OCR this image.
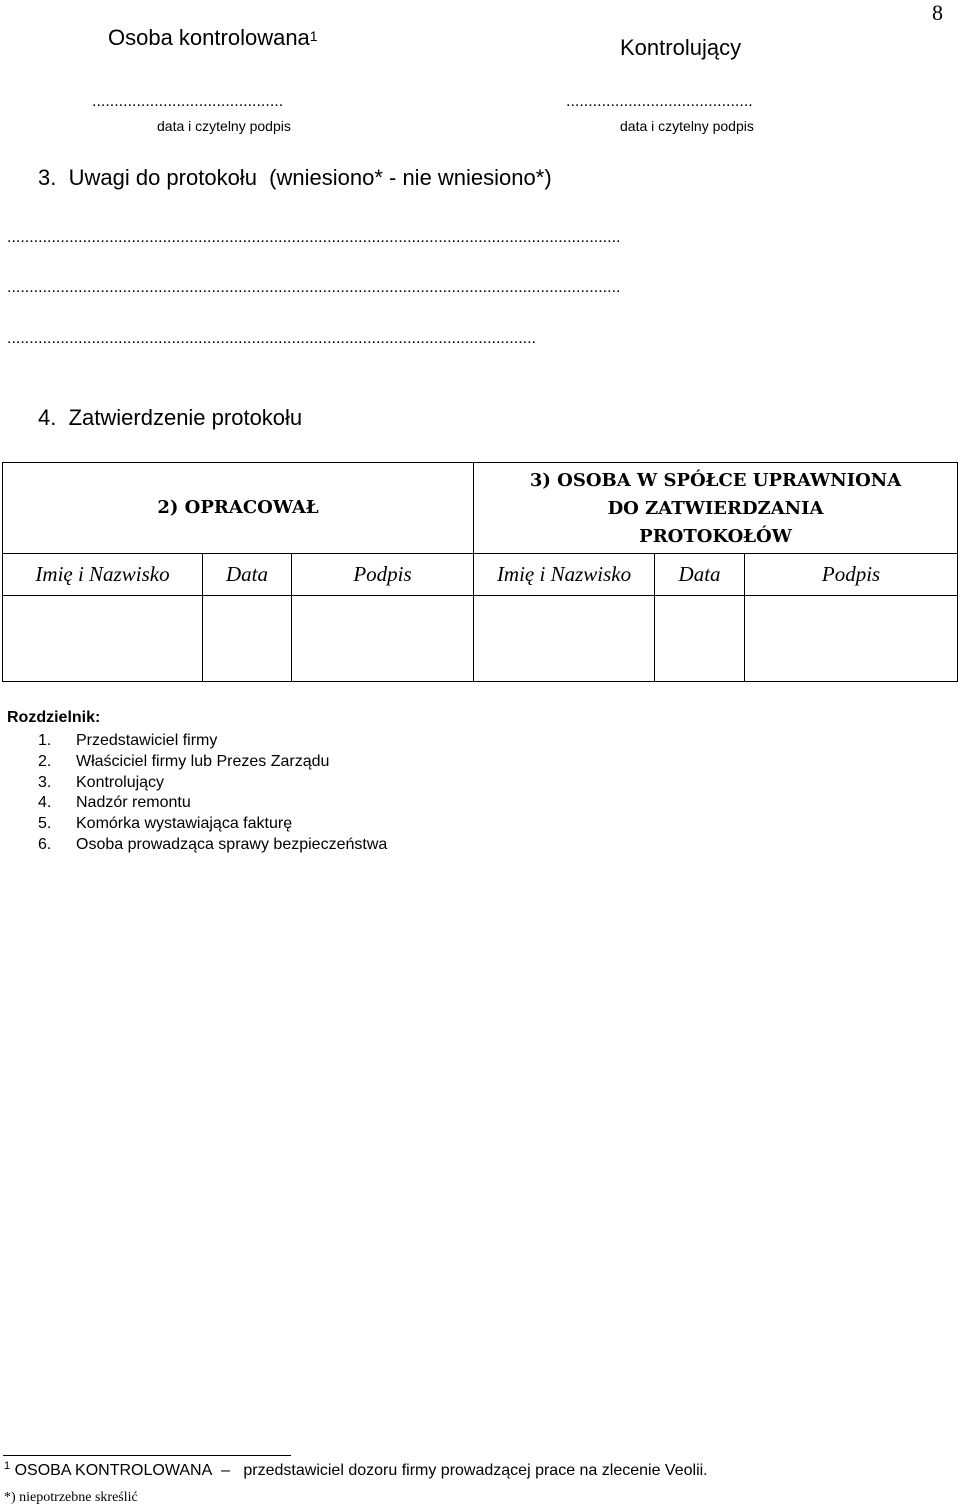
8
Osoba kontrolowana$^1$	Kontrolujący
...........................................	..........................................
data i czytelny podpis	data i czytelny podpis
3. Uwagi do protokołu (wniesiono* - nie wniesiono*)
..........................................................................................................................................
..........................................................................................................................................
.......................................................................................................................
4. Zatwierdzenie protokołu
2) OPRACOWAŁ			3) OSOBA W SPÓŁCE UPRAWNIONA
DO ZATWIERDZANIA
PROTOKOŁÓW		

Imię i Nazwisko	Data	Podpis	Imię i Nazwisko	Data	Podpis

Rozdzielnik:
1. Przedstawiciel firmy
2. Właściciel firmy lub Prezes Zarządu
3. Kontrolujący
4. Nadzór remontu
5. Komórka wystawiająca fakturę
6. Osoba prowadząca sprawy bezpieczeństwa
$^1$ OSOBA KONTROLOWANA – przedstawiciel dozoru firmy prowadzącej prace na zlecenie Veolii.
*) niepotrzebne skreślić
